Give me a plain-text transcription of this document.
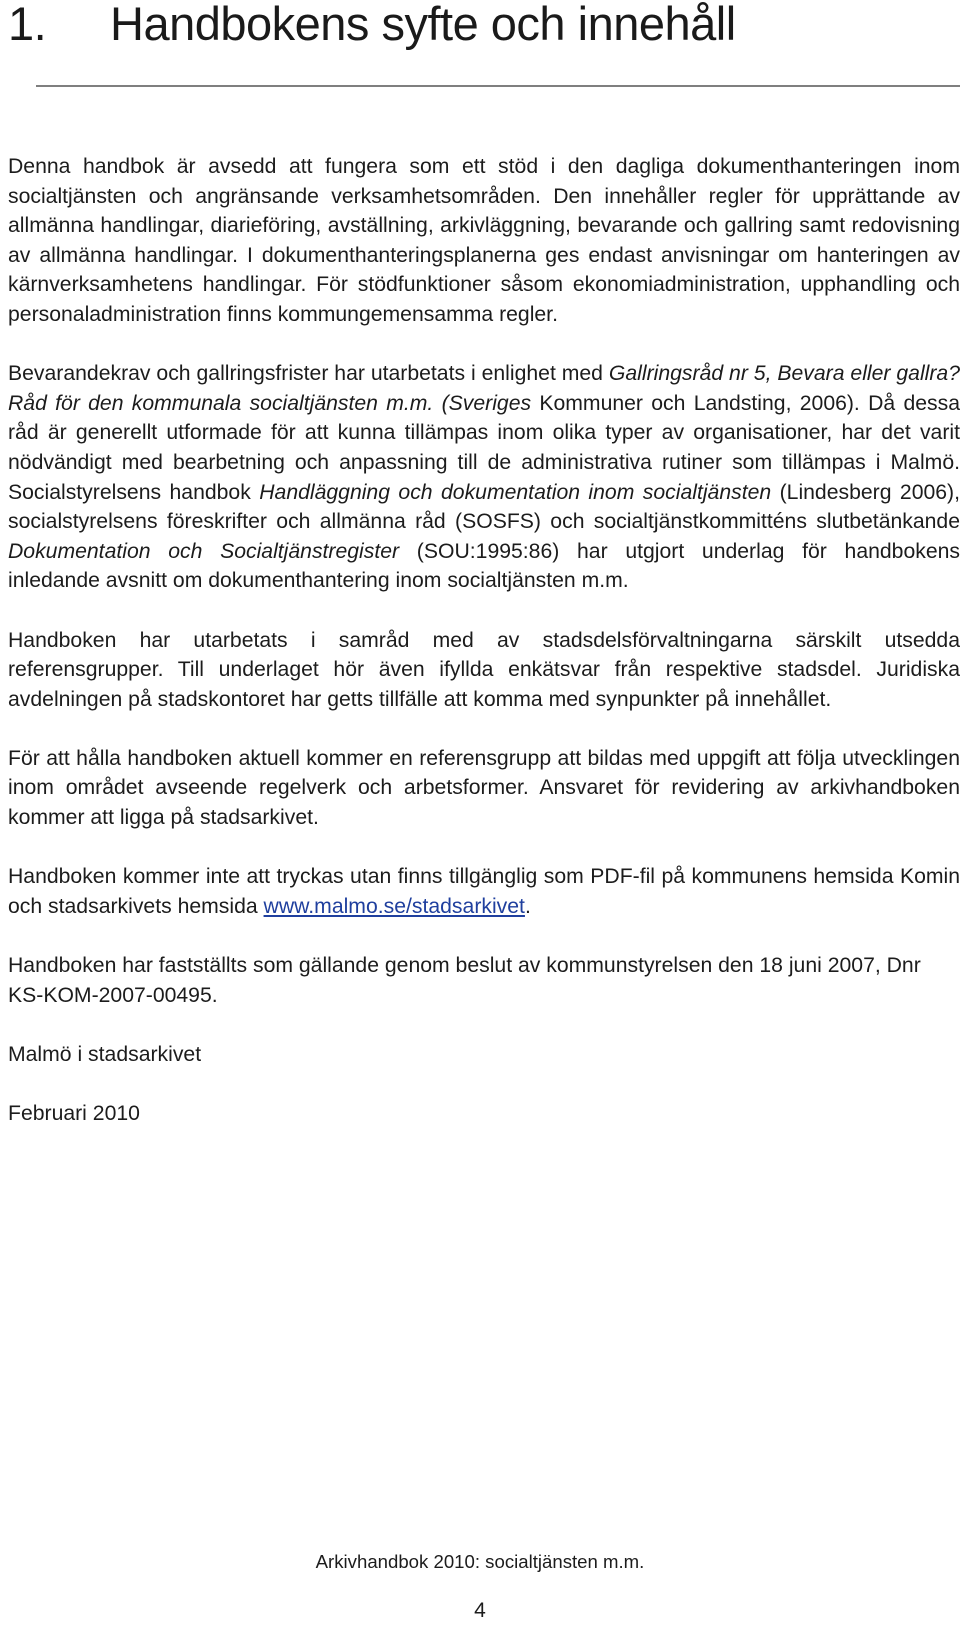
1.	Handbokens syfte och innehåll

Denna handbok är avsedd att fungera som ett stöd i den dagliga dokumenthanteringen inom socialtjänsten och angränsande verksamhetsområden. Den innehåller regler för upprättande av allmänna handlingar, diarieföring, avställning, arkivläggning, bevarande och gallring samt redovisning av allmänna handlingar. I dokumenthanteringsplanerna ges endast anvisningar om hanteringen av kärnverksamhetens handlingar. För stödfunktioner såsom ekonomiadministration, upphandling och personaladministration finns kommungemensamma regler.

Bevarandekrav och gallringsfrister har utarbetats i enlighet med Gallringsråd nr 5, Bevara eller gallra? Råd för den kommunala socialtjänsten m.m. (Sveriges Kommuner och Landsting, 2006). Då dessa råd är generellt utformade för att kunna tillämpas inom olika typer av organisationer, har det varit nödvändigt med bearbetning och anpassning till de administrativa rutiner som tillämpas i Malmö. Socialstyrelsens handbok Handläggning och dokumentation inom socialtjänsten (Lindesberg 2006), socialstyrelsens föreskrifter och allmänna råd (SOSFS) och socialtjänstkommitténs slutbetänkande Dokumentation och Socialtjänstregister (SOU:1995:86) har utgjort underlag för handbokens inledande avsnitt om dokumenthantering inom socialtjänsten m.m.

Handboken har utarbetats i samråd med av stadsdelsförvaltningarna särskilt utsedda referensgrupper. Till underlaget hör även ifyllda enkätsvar från respektive stadsdel. Juridiska avdelningen på stadskontoret har getts tillfälle att komma med synpunkter på innehållet.

För att hålla handboken aktuell kommer en referensgrupp att bildas med uppgift att följa utvecklingen inom området avseende regelverk och arbetsformer. Ansvaret för revidering av arkivhandboken kommer att ligga på stadsarkivet.

Handboken kommer inte att tryckas utan finns tillgänglig som PDF-fil på kommunens hemsida Komin och stadsarkivets hemsida www.malmo.se/stadsarkivet.

Handboken har fastställts som gällande genom beslut av kommunstyrelsen den 18 juni 2007, Dnr KS-KOM-2007-00495.

Malmö i stadsarkivet

Februari 2010

Arkivhandbok 2010: socialtjänsten m.m.
4
